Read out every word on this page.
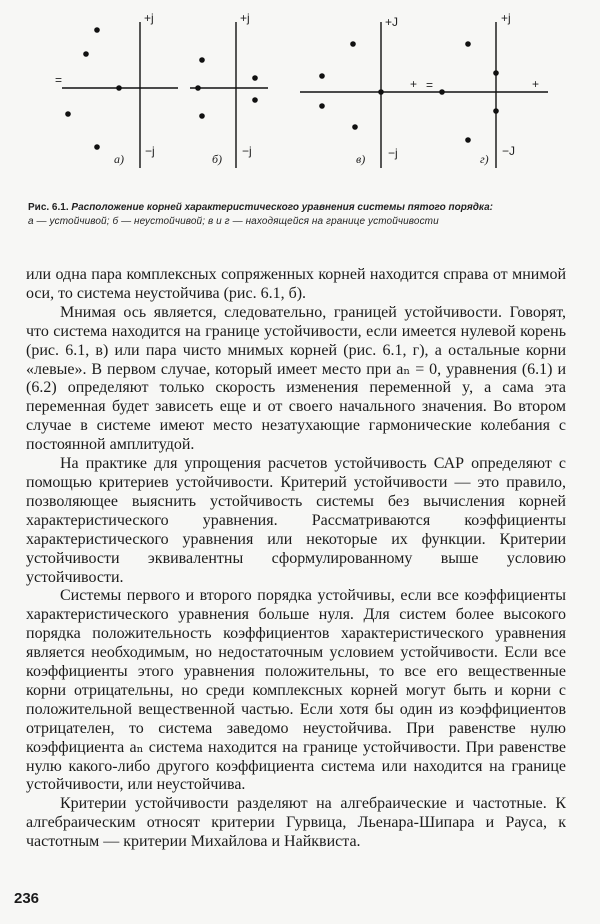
+j
−j
=
а)
+j
−j
б)
+J
−j
+
в)
+j
−J
=	+
г)
Рис. 6.1. Расположение корней характеристического уравнения системы пятого порядка:
а — устойчивой; б — неустойчивой; в и г — находящейся на границе устойчивости

или одна пара комплексных сопряженных корней находится справа от мнимой оси, то система неустойчива (рис. 6.1, б).

Мнимая ось является, следовательно, границей устойчивости. Говорят, что система находится на границе устойчивости, если имеется нулевой корень (рис. 6.1, в) или пара чисто мнимых корней (рис. 6.1, г), а остальные корни «левые». В первом случае, который имеет место при aₙ = 0, уравнения (6.1) и (6.2) определяют только скорость изменения переменной y, а сама эта переменная будет зависеть еще и от своего начального значения. Во втором случае в системе имеют место незатухающие гармонические колебания с постоянной амплитудой.

На практике для упрощения расчетов устойчивость САР определяют с помощью критериев устойчивости. Критерий устойчивости — это правило, позволяющее выяснить устойчивость системы без вычисления корней характеристического уравнения. Рассматриваются коэффициенты характеристического уравнения или некоторые их функции. Критерии устойчивости эквивалентны сформулированному выше условию устойчивости.

Системы первого и второго порядка устойчивы, если все коэффициенты характеристического уравнения больше нуля. Для систем более высокого порядка положительность коэффициентов характеристического уравнения является необходимым, но недостаточным условием устойчивости. Если все коэффициенты этого уравнения положительны, то все его вещественные корни отрицательны, но среди комплексных корней могут быть и корни с положительной вещественной частью. Если хотя бы один из коэффициентов отрицателен, то система заведомо неустойчива. При равенстве нулю коэффициента aₙ система находится на границе устойчивости. При равенстве нулю какого-либо другого коэффициента система или находится на границе устойчивости, или неустойчива.

Критерии устойчивости разделяют на алгебраические и частотные. К алгебраическим относят критерии Гурвица, Льенара-Шипара и Рауса, к частотным — критерии Михайлова и Найквиста.

236
